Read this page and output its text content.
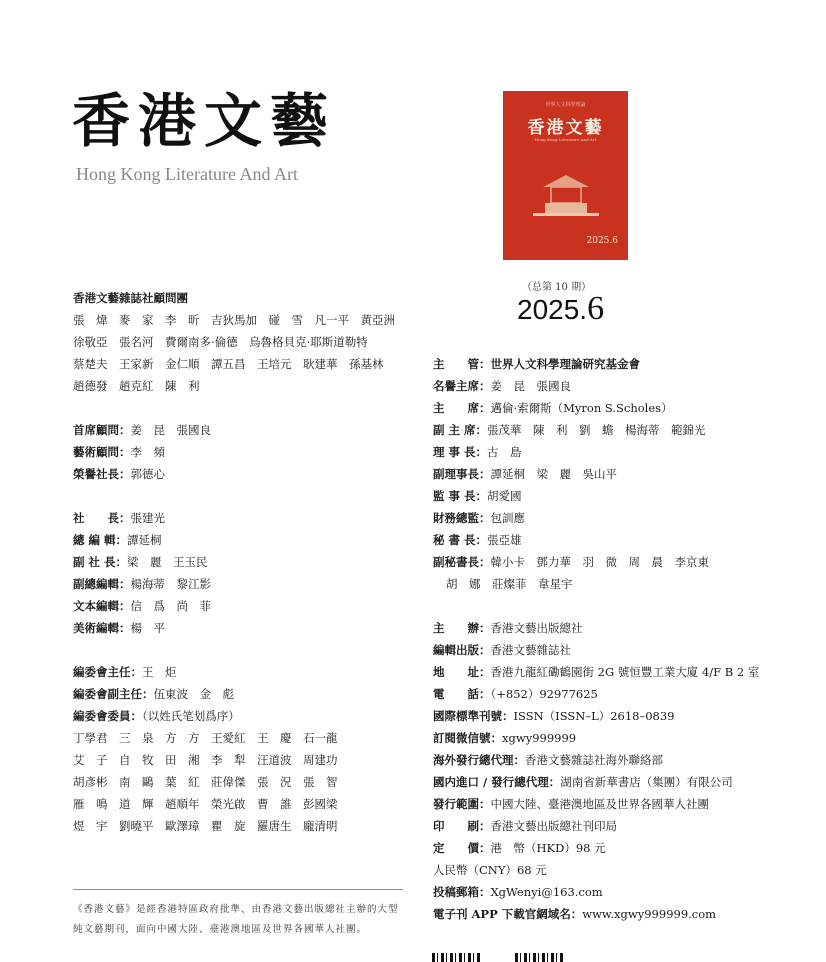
香港文藝
Hong Kong Literature And Art
世界人文科學理論
香港文藝
Hong Kong Literature And Art
2025.6
（总第 10 期）
2025.6
香港文藝雜誌社顧問團
張　煒　麥　家　李　昕　吉狄馬加　碰　雪　凡一平　黄亞洲
徐敬亞　張名河　費爾南多·倫德　烏魯格貝克·耶斯道勒特
蔡楚夫　王家新　金仁順　譚五昌　王培元　耿建華　孫基林
趙德發　趙克紅　陳　利
首席顧問：姜　昆　張國良
藝術顧問：李　頻
榮譽社長：郭德心
社　　長：張建光
總 編 輯：譚延桐
副 社 長：梁　麗　王玉民
副總編輯：楊海蒂　黎江影
文本編輯：信　爲　尚　菲
美術編輯：楊　平
編委會主任：王　炬
編委會副主任：伍東波　金　彪
編委會委員：（以姓氏笔划爲序）
丁學君　三　泉　方　方　王愛紅　王　慶　石一龍
艾　子　自　牧　田　湘　李　犁　汪道波　周建功
胡彥彬　南　鷗　葉　紅　莊偉傑　張　況　張　智
雁　鳴　道　輝　趙順年　榮光啟　曹　誰　彭國梁
煜　宇　劉曉平　歐澤璋　瞿　旋　羅唐生　龐清明
《香港文藝》是經香港特區政府批準、由香港文藝出版總社主辦的大型純文藝期刊，面向中國大陸、臺港澳地區及世界各國華人社團。
主　　管：世界人文科學理論研究基金會
名譽主席：姜　昆　張國良
主　　席：邁倫·索爾斯（Myron S.Scholes）
副 主 席：張茂華　陳　利　劉　蟾　楊海蒂　範錦光
理 事 長：古　島
副理事長：譚延桐　梁　麗　吳山平
監 事 長：胡愛國
財務總監：包訓應
秘 書 長：張亞雄
副秘書長：韓小卡　鄧力華　羽　微　周　晨　李京東
胡　娜　莊燦菲　韋星宇
主　　辦：香港文藝出版總社
編輯出版：香港文藝雜誌社
地　　址：香港九龍紅磡鶴園街 2G 號恒豐工業大廈 4/F B 2 室
電　　話：（+852）92977625
國際標準刊號：ISSN（ISSN–L）2618–0839
訂閱微信號：xgwy999999
海外發行總代理：香港文藝雜誌社海外聯絡部
國内進口 / 發行總代理：湖南省新華書店（集團）有限公司
發行範圍：中國大陸、臺港澳地區及世界各國華人社團
印　　刷：香港文藝出版總社刊印局
定　　價：港　幣（HKD）98 元
人民幣（CNY）68 元
投稿郵箱：XgWenyi@163.com
電子刊 APP 下載官網域名：www.xgwy999999.com
